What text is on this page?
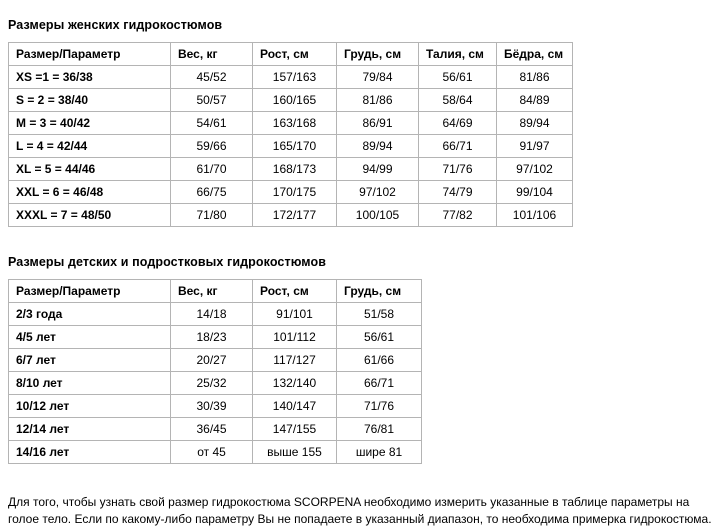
Размеры женских гидрокостюмов
Размер/Параметр	Вес, кг	Рост, см	Грудь, см	Талия, см	Бёдра, см
XS =1 = 36/38	45/52	157/163	79/84	56/61	81/86
S = 2 = 38/40	50/57	160/165	81/86	58/64	84/89
M = 3 = 40/42	54/61	163/168	86/91	64/69	89/94
L = 4 = 42/44	59/66	165/170	89/94	66/71	91/97
XL = 5 = 44/46	61/70	168/173	94/99	71/76	97/102
XXL = 6 = 46/48	66/75	170/175	97/102	74/79	99/104
XXXL = 7 = 48/50	71/80	172/177	100/105	77/82	101/106
Размеры детских и подростковых гидрокостюмов
Размер/Параметр	Вес, кг	Рост, см	Грудь, см
2/3 года	14/18	91/101	51/58
4/5 лет	18/23	101/112	56/61
6/7 лет	20/27	117/127	61/66
8/10 лет	25/32	132/140	66/71
10/12 лет	30/39	140/147	71/76
12/14 лет	36/45	147/155	76/81
14/16 лет	от 45	выше 155	шире 81

Для того, чтобы узнать свой размер гидрокостюма SCORPENA необходимо измерить указанные в таблице параметры на

голое тело. Если по какому-либо параметру Вы не попадаете в указанный диапазон, то необходима примерка гидрокостюма.
